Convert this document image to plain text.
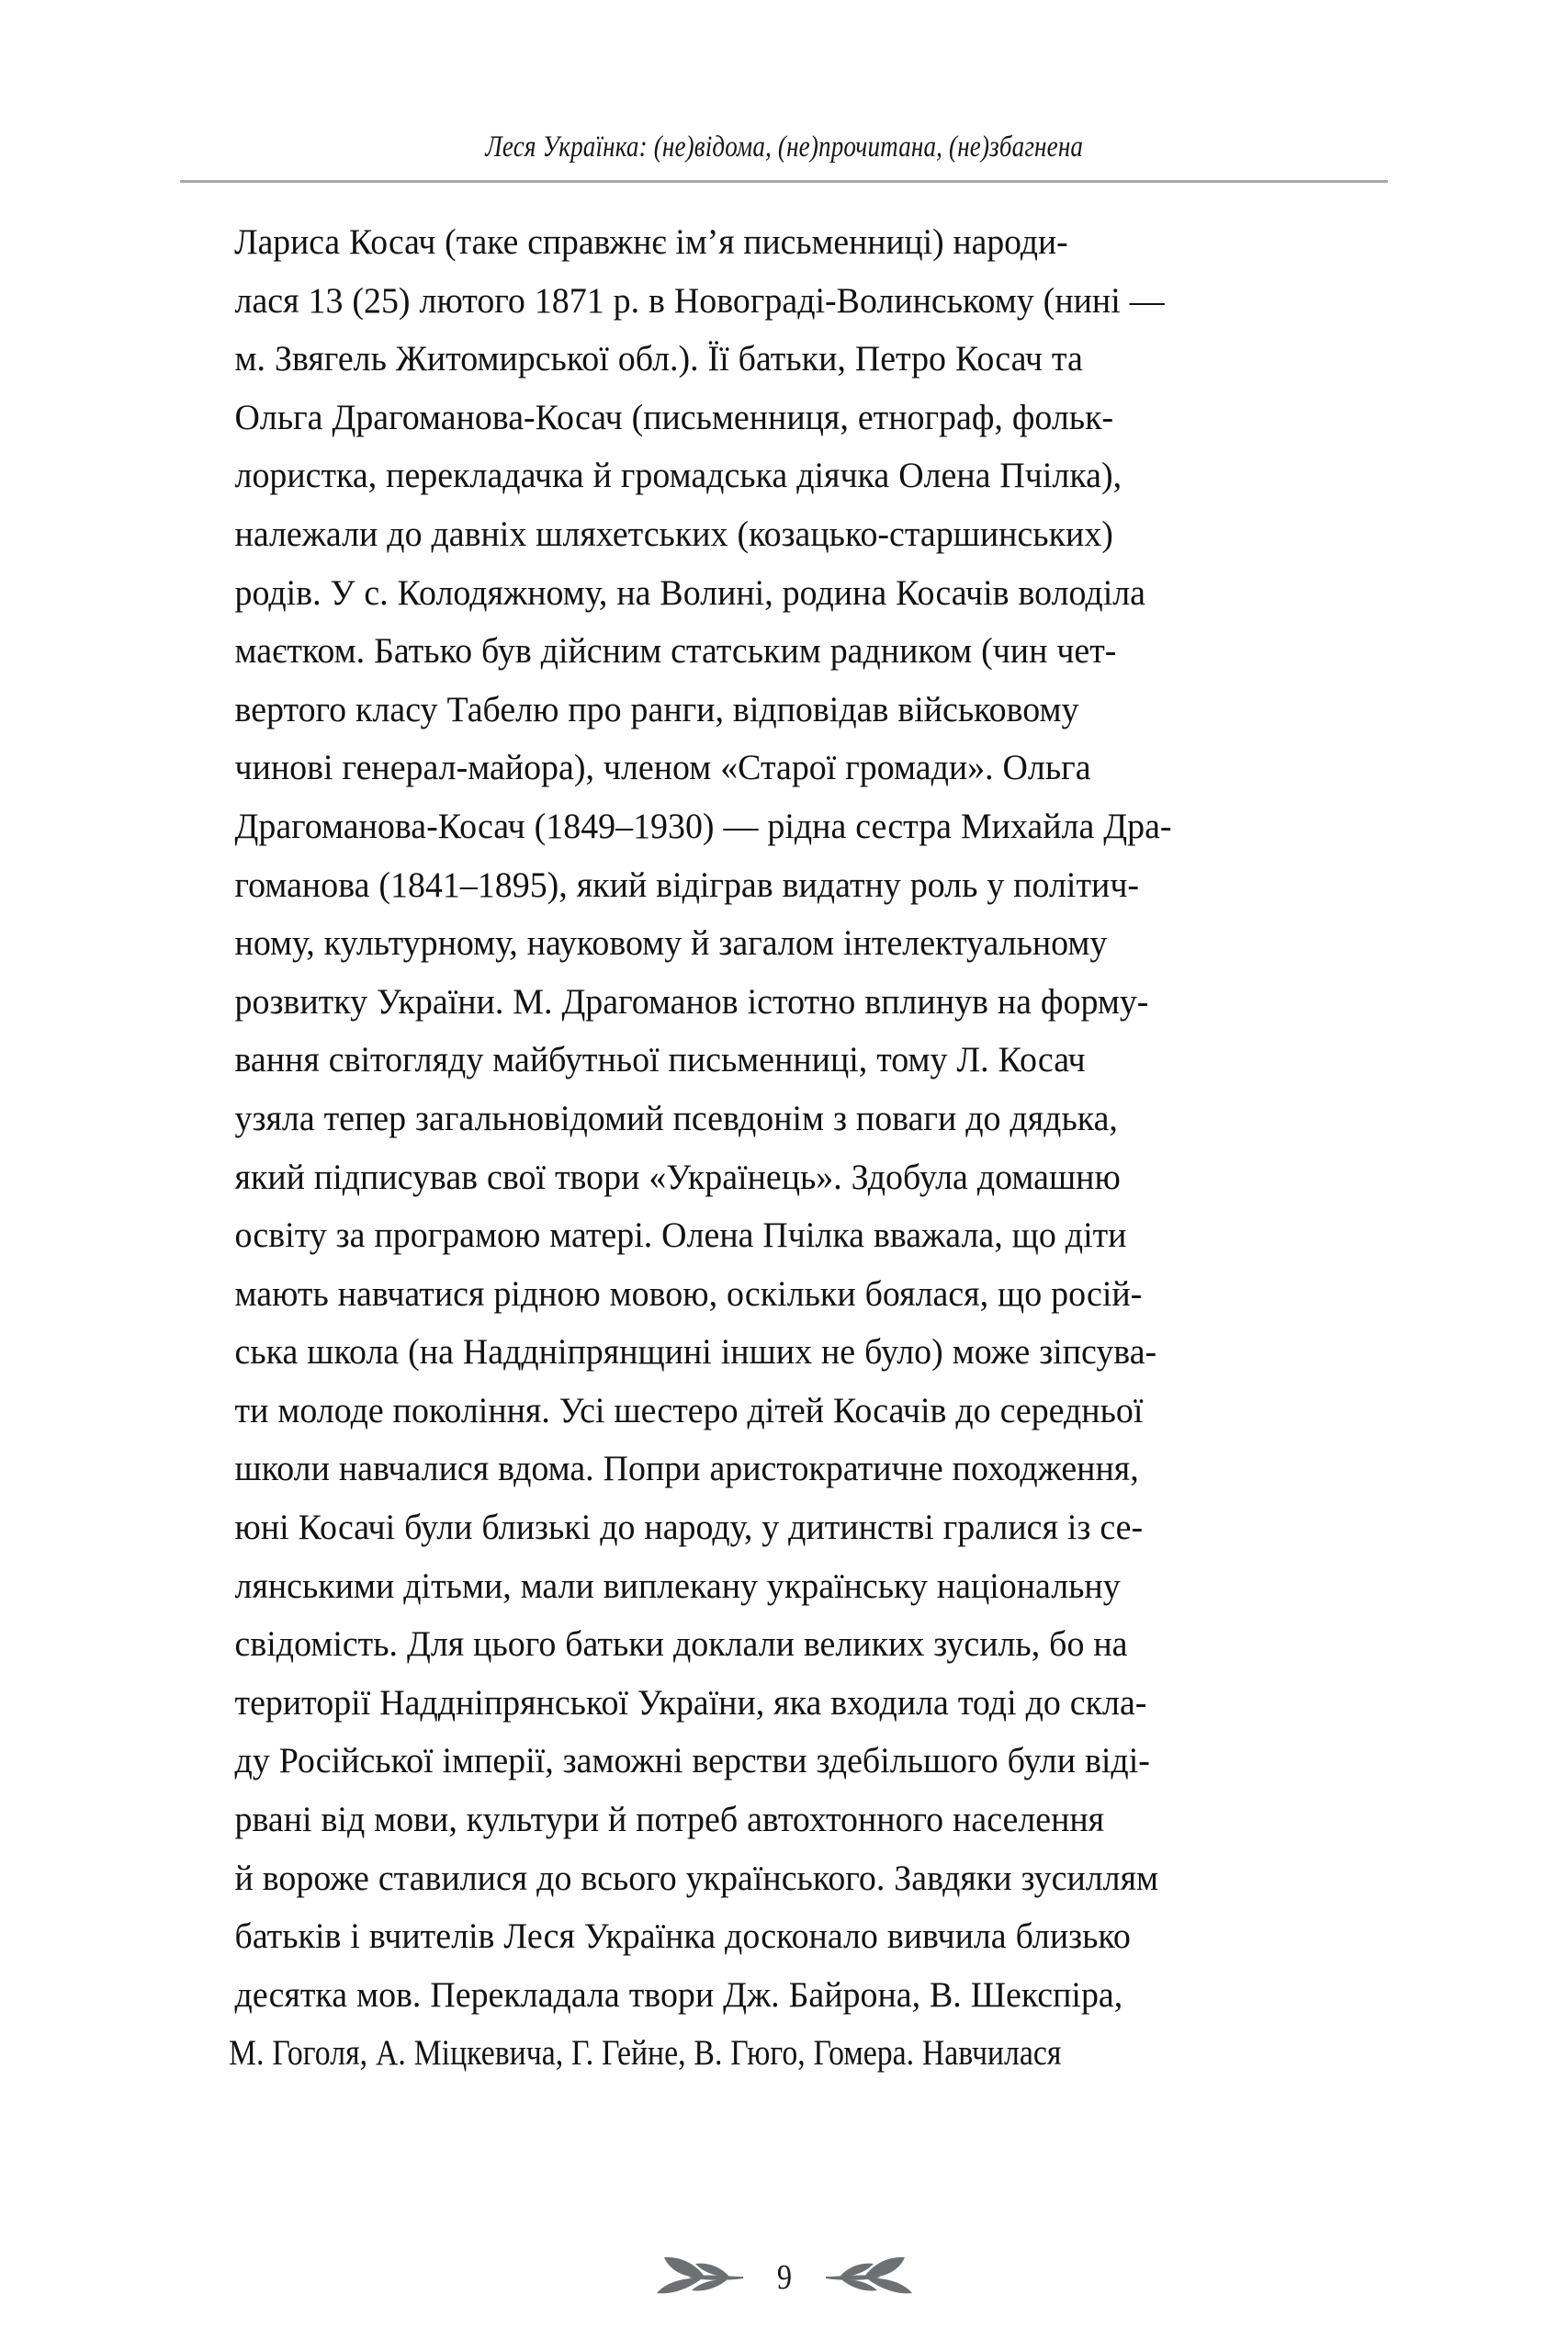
Леся Українка: (не)відома, (не)прочитана, (не)збагнена
Лариса Косач (таке справжнє ім’я письменниці) народи-
лася 13 (25) лютого 1871 р. в Новограді-Волинському (нині —
м. Звягель Житомирської обл.). Її батьки, Петро Косач та
Ольга Драгоманова-Косач (письменниця, етнограф, фольк-
лористка, перекладачка й громадська діячка Олена Пчілка),
належали до давніх шляхетських (козацько-старшинських)
родів. У с. Колодяжному, на Волині, родина Косачів володіла
маєтком. Батько був дійсним статським радником (чин чет-
вертого класу Табелю про ранги, відповідав військовому
чинові генерал-майора), членом «Старої громади». Ольга
Драгоманова-Косач (1849–1930) — рідна сестра Михайла Дра-
гоманова (1841–1895), який відіграв видатну роль у політич-
ному, культурному, науковому й загалом інтелектуальному
розвитку України. М. Драгоманов істотно вплинув на форму-
вання світогляду майбутньої письменниці, тому Л. Косач
узяла тепер загальновідомий псевдонім з поваги до дядька,
який підписував свої твори «Українець». Здобула домашню
освіту за програмою матері. Олена Пчілка вважала, що діти
мають навчатися рідною мовою, оскільки боялася, що росій-
ська школа (на Наддніпрянщині інших не було) може зіпсува-
ти молоде покоління. Усі шестеро дітей Косачів до середньої
школи навчалися вдома. Попри аристократичне походження,
юні Косачі були близькі до народу, у дитинстві гралися із се-
лянськими дітьми, мали виплекану українську національну
свідомість. Для цього батьки доклали великих зусиль, бо на
території Наддніпрянської України, яка входила тоді до скла-
ду Російської імперії, заможні верстви здебільшого були віді-
рвані від мови, культури й потреб автохтонного населення
й вороже ставилися до всього українського. Завдяки зусиллям
батьків і вчителів Леся Українка досконало вивчила близько
десятка мов. Перекладала твори Дж. Байрона, В. Шекспіра,
М. Гоголя, А. Міцкевича, Г. Гейне, В. Гюго, Гомера. Навчилася
9
